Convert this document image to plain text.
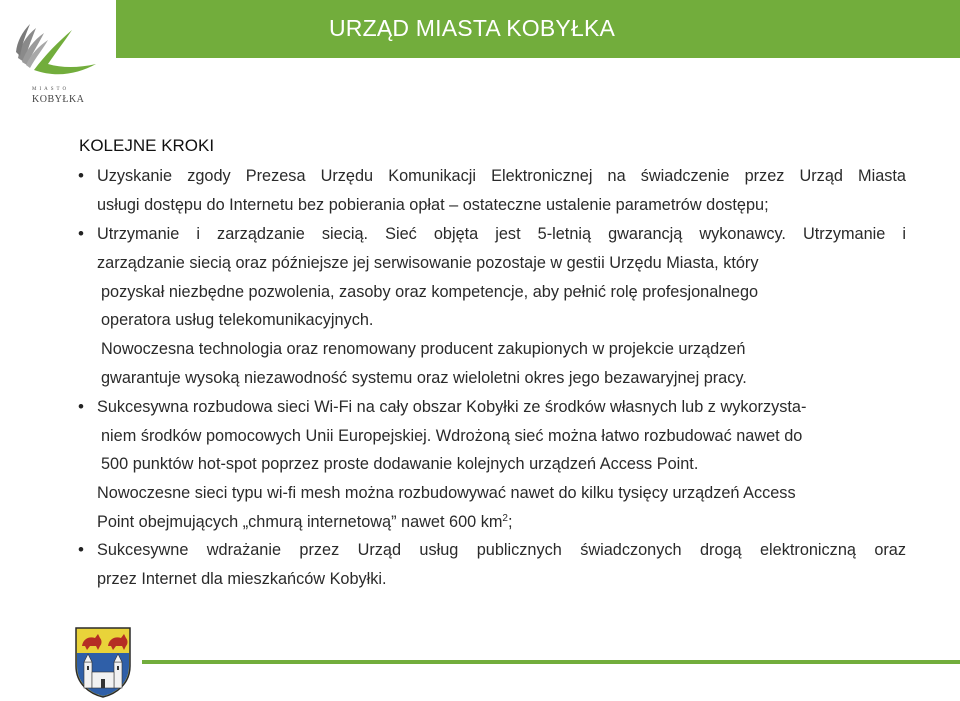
URZĄD MIASTA KOBYŁKA
MIASTO
KOBYŁKA
KOLEJNE KROKI
•
•
•
•
Uzyskanie zgody Prezesa Urzędu Komunikacji Elektronicznej na świadczenie przez Urząd Miasta
usługi dostępu do Internetu bez pobierania opłat – ostateczne ustalenie parametrów dostępu;
Utrzymanie i zarządzanie siecią. Sieć objęta jest 5-letnią gwarancją wykonawcy. Utrzymanie i
zarządzanie siecią oraz późniejsze jej serwisowanie pozostaje w gestii Urzędu Miasta, który
pozyskał niezbędne pozwolenia, zasoby oraz kompetencje, aby pełnić rolę profesjonalnego
operatora usług telekomunikacyjnych.
Nowoczesna technologia oraz renomowany producent zakupionych w projekcie urządzeń
gwarantuje wysoką niezawodność systemu oraz wieloletni okres jego bezawaryjnej pracy.
Sukcesywna rozbudowa sieci Wi-Fi na cały obszar Kobyłki ze środków własnych lub z wykorzysta-
niem środków pomocowych Unii Europejskiej. Wdrożoną sieć można łatwo rozbudować nawet do
500 punktów hot-spot poprzez proste dodawanie kolejnych urządzeń Access Point.
Nowoczesne sieci typu wi-fi mesh można rozbudowywać nawet do kilku tysięcy urządzeń Access
Point obejmujących „chmurą internetową” nawet 600 $km^2$;
Sukcesywne wdrażanie przez Urząd usług publicznych świadczonych drogą elektroniczną oraz
przez Internet dla mieszkańców Kobyłki.
